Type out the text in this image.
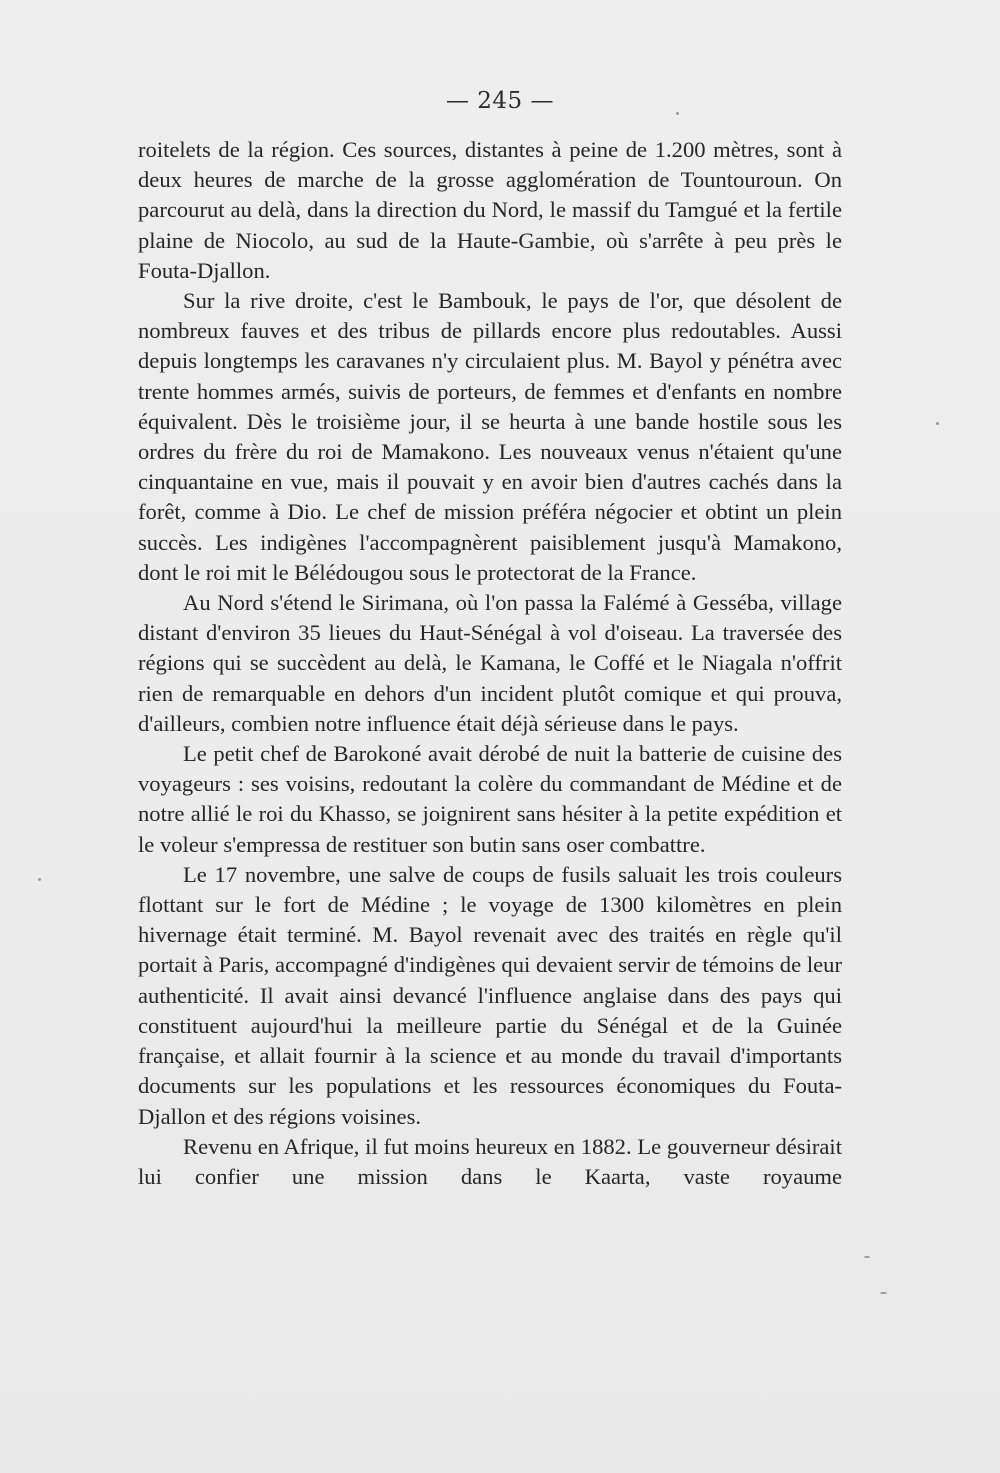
— 245 —

roitelets de la région. Ces sources, distantes à peine de 1.200 mètres, sont à deux heures de marche de la grosse agglomération de Tountouroun. On parcourut au delà, dans la direction du Nord, le massif du Tamgué et la fertile plaine de Niocolo, au sud de la Haute-Gambie, où s'arrête à peu près le Fouta-Djallon.

Sur la rive droite, c'est le Bambouk, le pays de l'or, que désolent de nombreux fauves et des tribus de pillards encore plus redoutables. Aussi depuis longtemps les caravanes n'y circulaient plus. M. Bayol y pénétra avec trente hommes armés, suivis de porteurs, de femmes et d'enfants en nombre équivalent. Dès le troisième jour, il se heurta à une bande hostile sous les ordres du frère du roi de Mamakono. Les nouveaux venus n'étaient qu'une cinquantaine en vue, mais il pouvait y en avoir bien d'autres cachés dans la forêt, comme à Dio. Le chef de mission préféra négocier et obtint un plein succès. Les indigènes l'accompagnèrent paisiblement jusqu'à Mamakono, dont le roi mit le Bélédougou sous le protectorat de la France.

Au Nord s'étend le Sirimana, où l'on passa la Falémé à Gesséba, village distant d'environ 35 lieues du Haut-Sénégal à vol d'oiseau. La traversée des régions qui se succèdent au delà, le Kamana, le Coffé et le Niagala n'offrit rien de remarquable en dehors d'un incident plutôt comique et qui prouva, d'ailleurs, combien notre influence était déjà sérieuse dans le pays.

Le petit chef de Barokoné avait dérobé de nuit la batterie de cuisine des voyageurs : ses voisins, redoutant la colère du commandant de Médine et de notre allié le roi du Khasso, se joignirent sans hésiter à la petite expédition et le voleur s'empressa de restituer son butin sans oser combattre.

Le 17 novembre, une salve de coups de fusils saluait les trois couleurs flottant sur le fort de Médine ; le voyage de 1300 kilomètres en plein hivernage était terminé. M. Bayol revenait avec des traités en règle qu'il portait à Paris, accompagné d'indigènes qui devaient servir de témoins de leur authenticité. Il avait ainsi devancé l'influence anglaise dans des pays qui constituent aujourd'hui la meilleure partie du Sénégal et de la Guinée française, et allait fournir à la science et au monde du travail d'importants documents sur les populations et les ressources économiques du Fouta-Djallon et des régions voisines.

Revenu en Afrique, il fut moins heureux en 1882. Le gouverneur désirait lui confier une mission dans le Kaarta, vaste royaume
